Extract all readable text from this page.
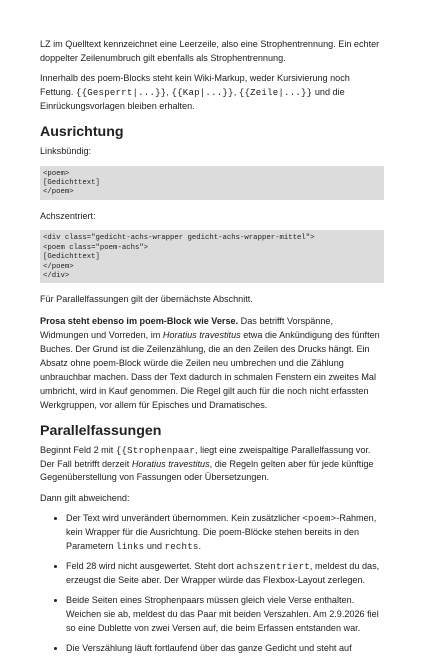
LZ im Quelltext kennzeichnet eine Leerzeile, also eine Strophentrennung. Ein echter doppelter Zeilenumbruch gilt ebenfalls als Strophentrennung.

Innerhalb des poem-Blocks steht kein Wiki-Markup, weder Kursivierung noch Fettung. {{Gesperrt|...}}, {{Kap|...}}, {{Zeile|...}} und die Einrückungsvorlagen bleiben erhalten.

Ausrichtung

Linksbündig:

<poem>
[Gedichttext]
</poem>

Achszentriert:

<div class="gedicht-achs-wrapper gedicht-achs-wrapper-mittel">
<poem class="poem-achs">
[Gedichttext]
</poem>
</div>

Für Parallelfassungen gilt der übernächste Abschnitt.

Prosa steht ebenso im poem-Block wie Verse. Das betrifft Vorspänne, Widmungen und Vorreden, im Horatius travestitus etwa die Ankündigung des fünften Buches. Der Grund ist die Zeilenzählung, die an den Zeilen des Drucks hängt. Ein Absatz ohne poem-Block würde die Zeilen neu umbrechen und die Zählung unbrauchbar machen. Dass der Text dadurch in schmalen Fenstern ein zweites Mal umbricht, wird in Kauf genommen. Die Regel gilt auch für die noch nicht erfassten Werkgruppen, vor allem für Episches und Dramatisches.

Parallelfassungen

Beginnt Feld 2 mit {{Strophenpaar, liegt eine zweispaltige Parallelfassung vor. Der Fall betrifft derzeit Horatius travestitus, die Regeln gelten aber für jede künftige Gegenüberstellung von Fassungen oder Übersetzungen.

Dann gilt abweichend:

• Der Text wird unverändert übernommen. Kein zusätzlicher <poem>-Rahmen, kein Wrapper für die Ausrichtung. Die poem-Blöcke stehen bereits in den Parametern links und rechts.
• Feld 28 wird nicht ausgewertet. Steht dort achszentriert, meldest du das, erzeugst die Seite aber. Der Wrapper würde das Flexbox-Layout zerlegen.
• Beide Seiten eines Strophenpaars müssen gleich viele Verse enthalten. Weichen sie ab, meldest du das Paar mit beiden Verszahlen. Am 2.9.2026 fiel so eine Dublette von zwei Versen auf, die beim Erfassen entstanden war.
• Die Verszählung läuft fortlaufend über das ganze Gedicht und steht auf
